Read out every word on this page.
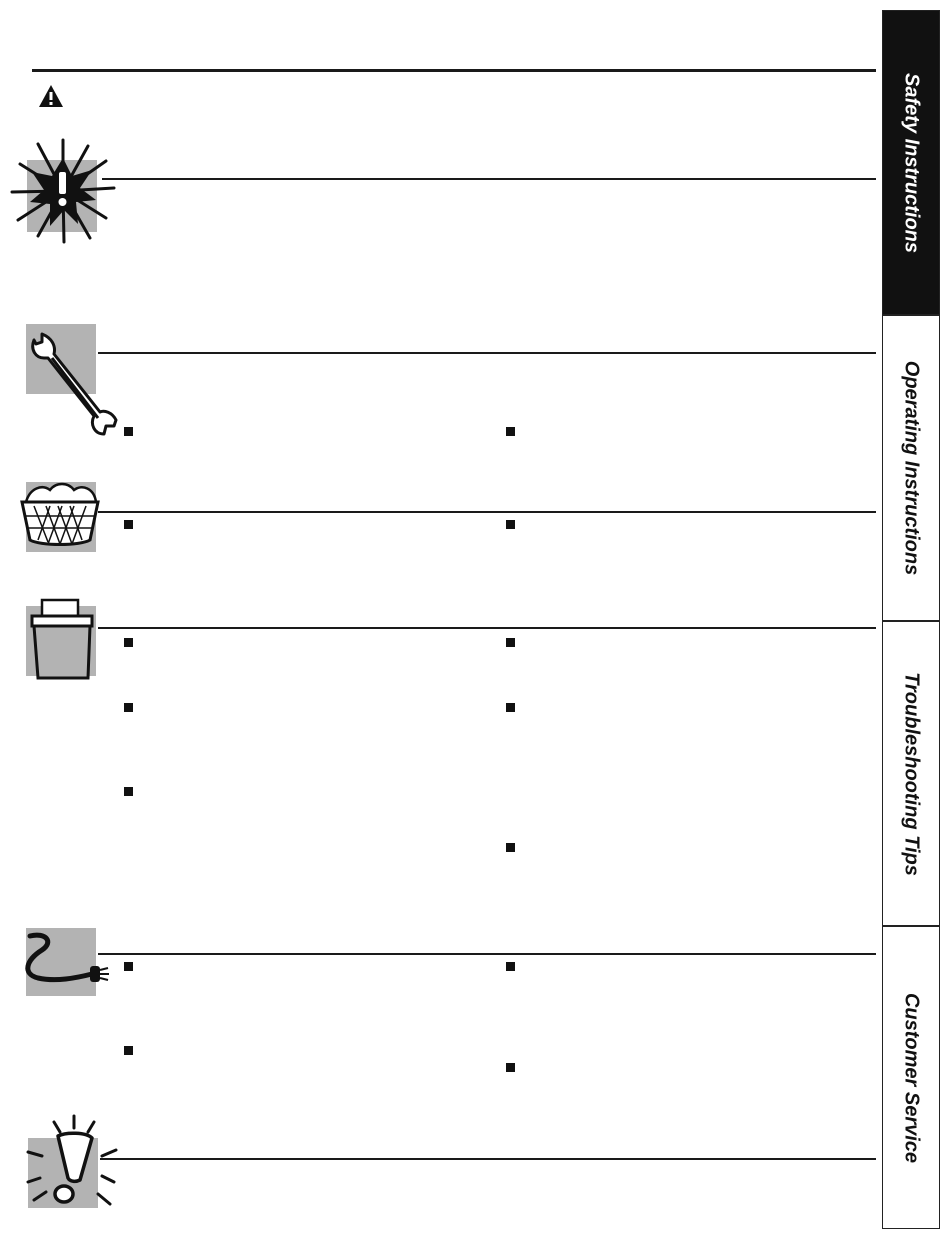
Safety Instructions
Operating Instructions
Troubleshooting Tips
Customer Service
